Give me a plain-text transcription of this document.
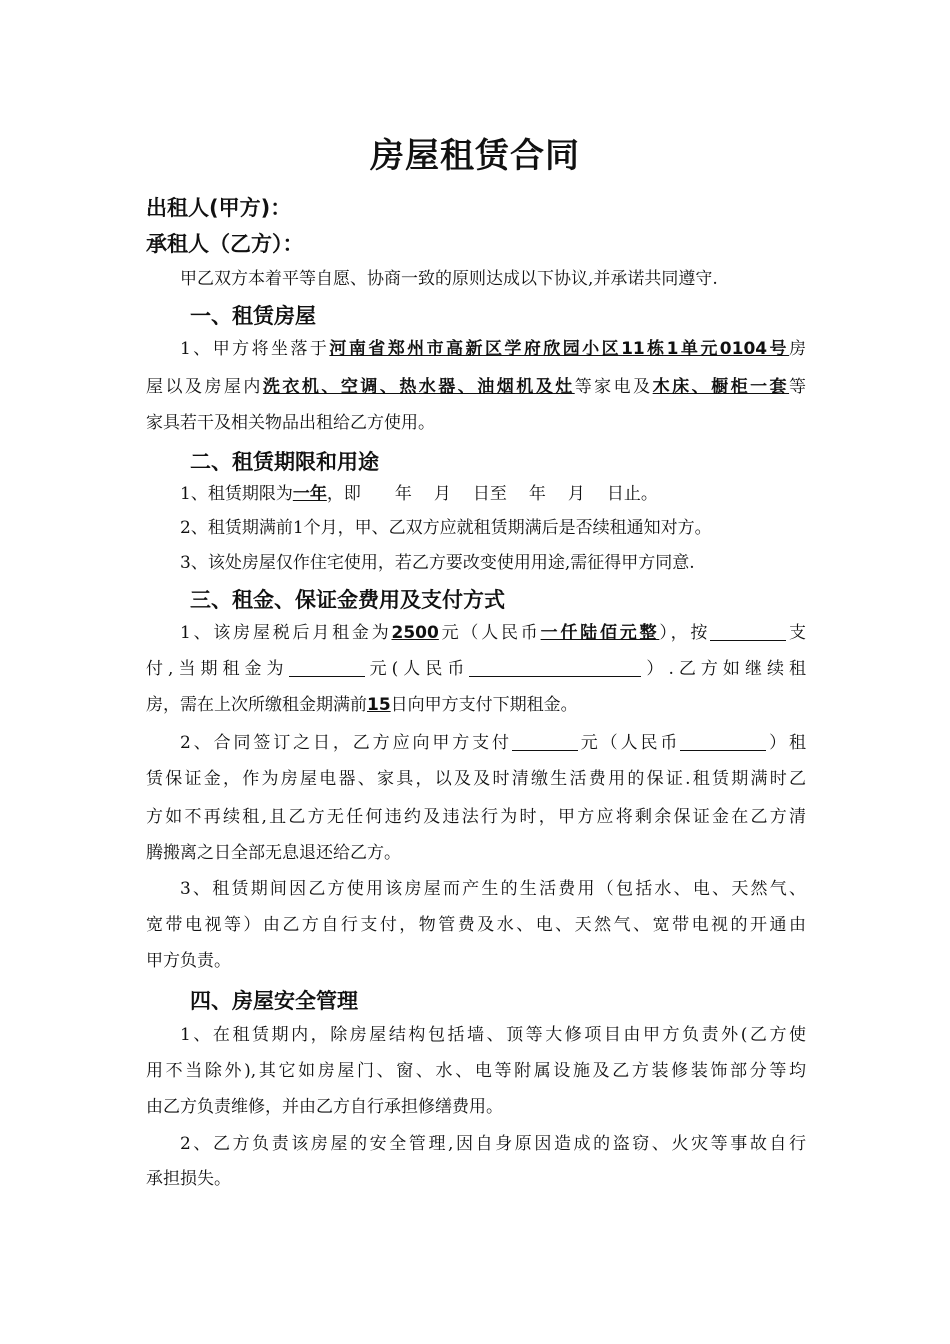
房屋租赁合同
出租人(甲方)：
承租人（乙方）：
甲乙双方本着平等自愿、协商一致的原则达成以下协议,并承诺共同遵守.
一、租赁房屋
1、甲方将坐落于河南省郑州市高新区学府欣园小区11栋1单元0104号房
屋以及房屋内洗衣机、空调、热水器、油烟机及灶等家电及木床、橱柜一套等
家具若干及相关物品出租给乙方使用。
二、租赁期限和用途
1、租赁期限为一年，即 年 月 日至 年 月 日止。
2、租赁期满前1个月，甲、乙双方应就租赁期满后是否续租通知对方。
3、该处房屋仅作住宅使用，若乙方要改变使用用途,需征得甲方同意.
三、租金、保证金费用及支付方式
1、该房屋税后月租金为2500元（人民币一仟陆佰元整），按	支
付,当期租金为	元(人民币	）.乙方如继续租
房，需在上次所缴租金期满前15日向甲方支付下期租金。
2、合同签订之日，乙方应向甲方支付	元（人民币	）租
赁保证金，作为房屋电器、家具，以及及时清缴生活费用的保证.租赁期满时乙
方如不再续租,且乙方无任何违约及违法行为时，甲方应将剩余保证金在乙方清
腾搬离之日全部无息退还给乙方。
3、租赁期间因乙方使用该房屋而产生的生活费用（包括水、电、天然气、
宽带电视等）由乙方自行支付，物管费及水、电、天然气、宽带电视的开通由
甲方负责。
四、房屋安全管理
1、在租赁期内，除房屋结构包括墙、顶等大修项目由甲方负责外(乙方使
用不当除外),其它如房屋门、窗、水、电等附属设施及乙方装修装饰部分等均
由乙方负责维修，并由乙方自行承担修缮费用。
2、乙方负责该房屋的安全管理,因自身原因造成的盗窃、火灾等事故自行
承担损失。
